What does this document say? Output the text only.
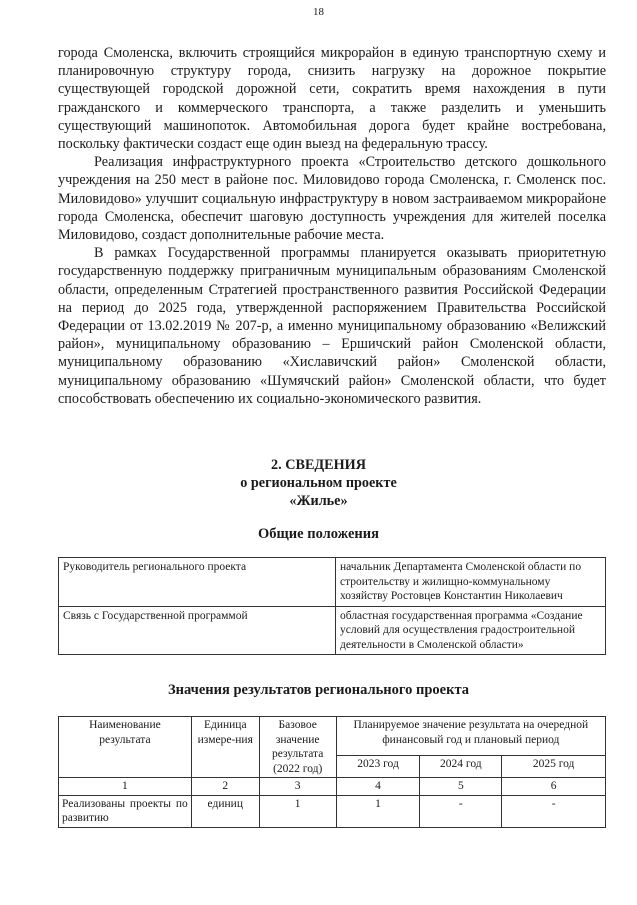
18

города Смоленска, включить строящийся микрорайон в единую транспортную схему и планировочную структуру города, снизить нагрузку на дорожное покрытие существующей городской дорожной сети, сократить время нахождения в пути гражданского и коммерческого транспорта, а также разделить и уменьшить существующий машинопоток. Автомобильная дорога будет крайне востребована, поскольку фактически создаст еще один выезд на федеральную трассу.

Реализация инфраструктурного проекта «Строительство детского дошкольного учреждения на 250 мест в районе пос. Миловидово города Смоленска, г. Смоленск пос. Миловидово» улучшит социальную инфраструктуру в новом застраиваемом микрорайоне города Смоленска, обеспечит шаговую доступность учреждения для жителей поселка Миловидово, создаст дополнительные рабочие места.

В рамках Государственной программы планируется оказывать приоритетную государственную поддержку приграничным муниципальным образованиям Смоленской области, определенным Стратегией пространственного развития Российской Федерации на период до 2025 года, утвержденной распоряжением Правительства Российской Федерации от 13.02.2019 № 207-р, а именно муниципальному образованию «Велижский район», муниципальному образованию – Ершичский район Смоленской области, муниципальному образованию «Хиславичский район» Смоленской области, муниципальному образованию «Шумячский район» Смоленской области, что будет способствовать обеспечению их социально-экономического развития.

2. СВЕДЕНИЯ
о региональном проекте
«Жилье»
Общие положения
Руководитель регионального проекта	начальник Департамента Смоленской области по строительству и жилищно-коммунальному хозяйству Ростовцев Константин Николаевич
Связь с Государственной программой	областная государственная программа «Создание условий для осуществления градостроительной деятельности в Смоленской области»
Значения результатов регионального проекта
Наименование результата	Единица измере-ния	Базовое значение результата (2022 год)	Планируемое значение результата на очередной финансовый год и плановый период		
			2023 год	2024 год	2025 год
1	2	3	4	5	6
Реализованы проекты по развитию	единиц	1	1	-	-
